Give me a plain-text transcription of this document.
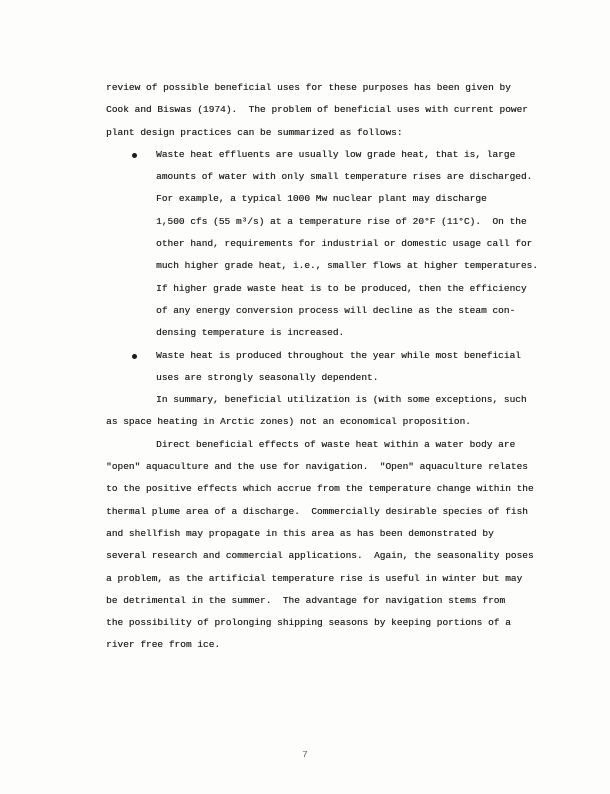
review of possible beneficial uses for these purposes has been given by
Cook and Biswas (1974).  The problem of beneficial uses with current power
plant design practices can be summarized as follows:
Waste heat effluents are usually low grade heat, that is, large
amounts of water with only small temperature rises are discharged.
For example, a typical 1000 Mw nuclear plant may discharge
1,500 cfs (55 m³/s) at a temperature rise of 20°F (11°C).  On the
other hand, requirements for industrial or domestic usage call for
much higher grade heat, i.e., smaller flows at higher temperatures.
If higher grade waste heat is to be produced, then the efficiency
of any energy conversion process will decline as the steam con-
densing temperature is increased.
Waste heat is produced throughout the year while most beneficial
uses are strongly seasonally dependent.
In summary, beneficial utilization is (with some exceptions, such
as space heating in Arctic zones) not an economical proposition.
Direct beneficial effects of waste heat within a water body are
"open" aquaculture and the use for navigation.  "Open" aquaculture relates
to the positive effects which accrue from the temperature change within the
thermal plume area of a discharge.  Commercially desirable species of fish
and shellfish may propagate in this area as has been demonstrated by
several research and commercial applications.  Again, the seasonality poses
a problem, as the artificial temperature rise is useful in winter but may
be detrimental in the summer.  The advantage for navigation stems from
the possibility of prolonging shipping seasons by keeping portions of a
river free from ice.
7
